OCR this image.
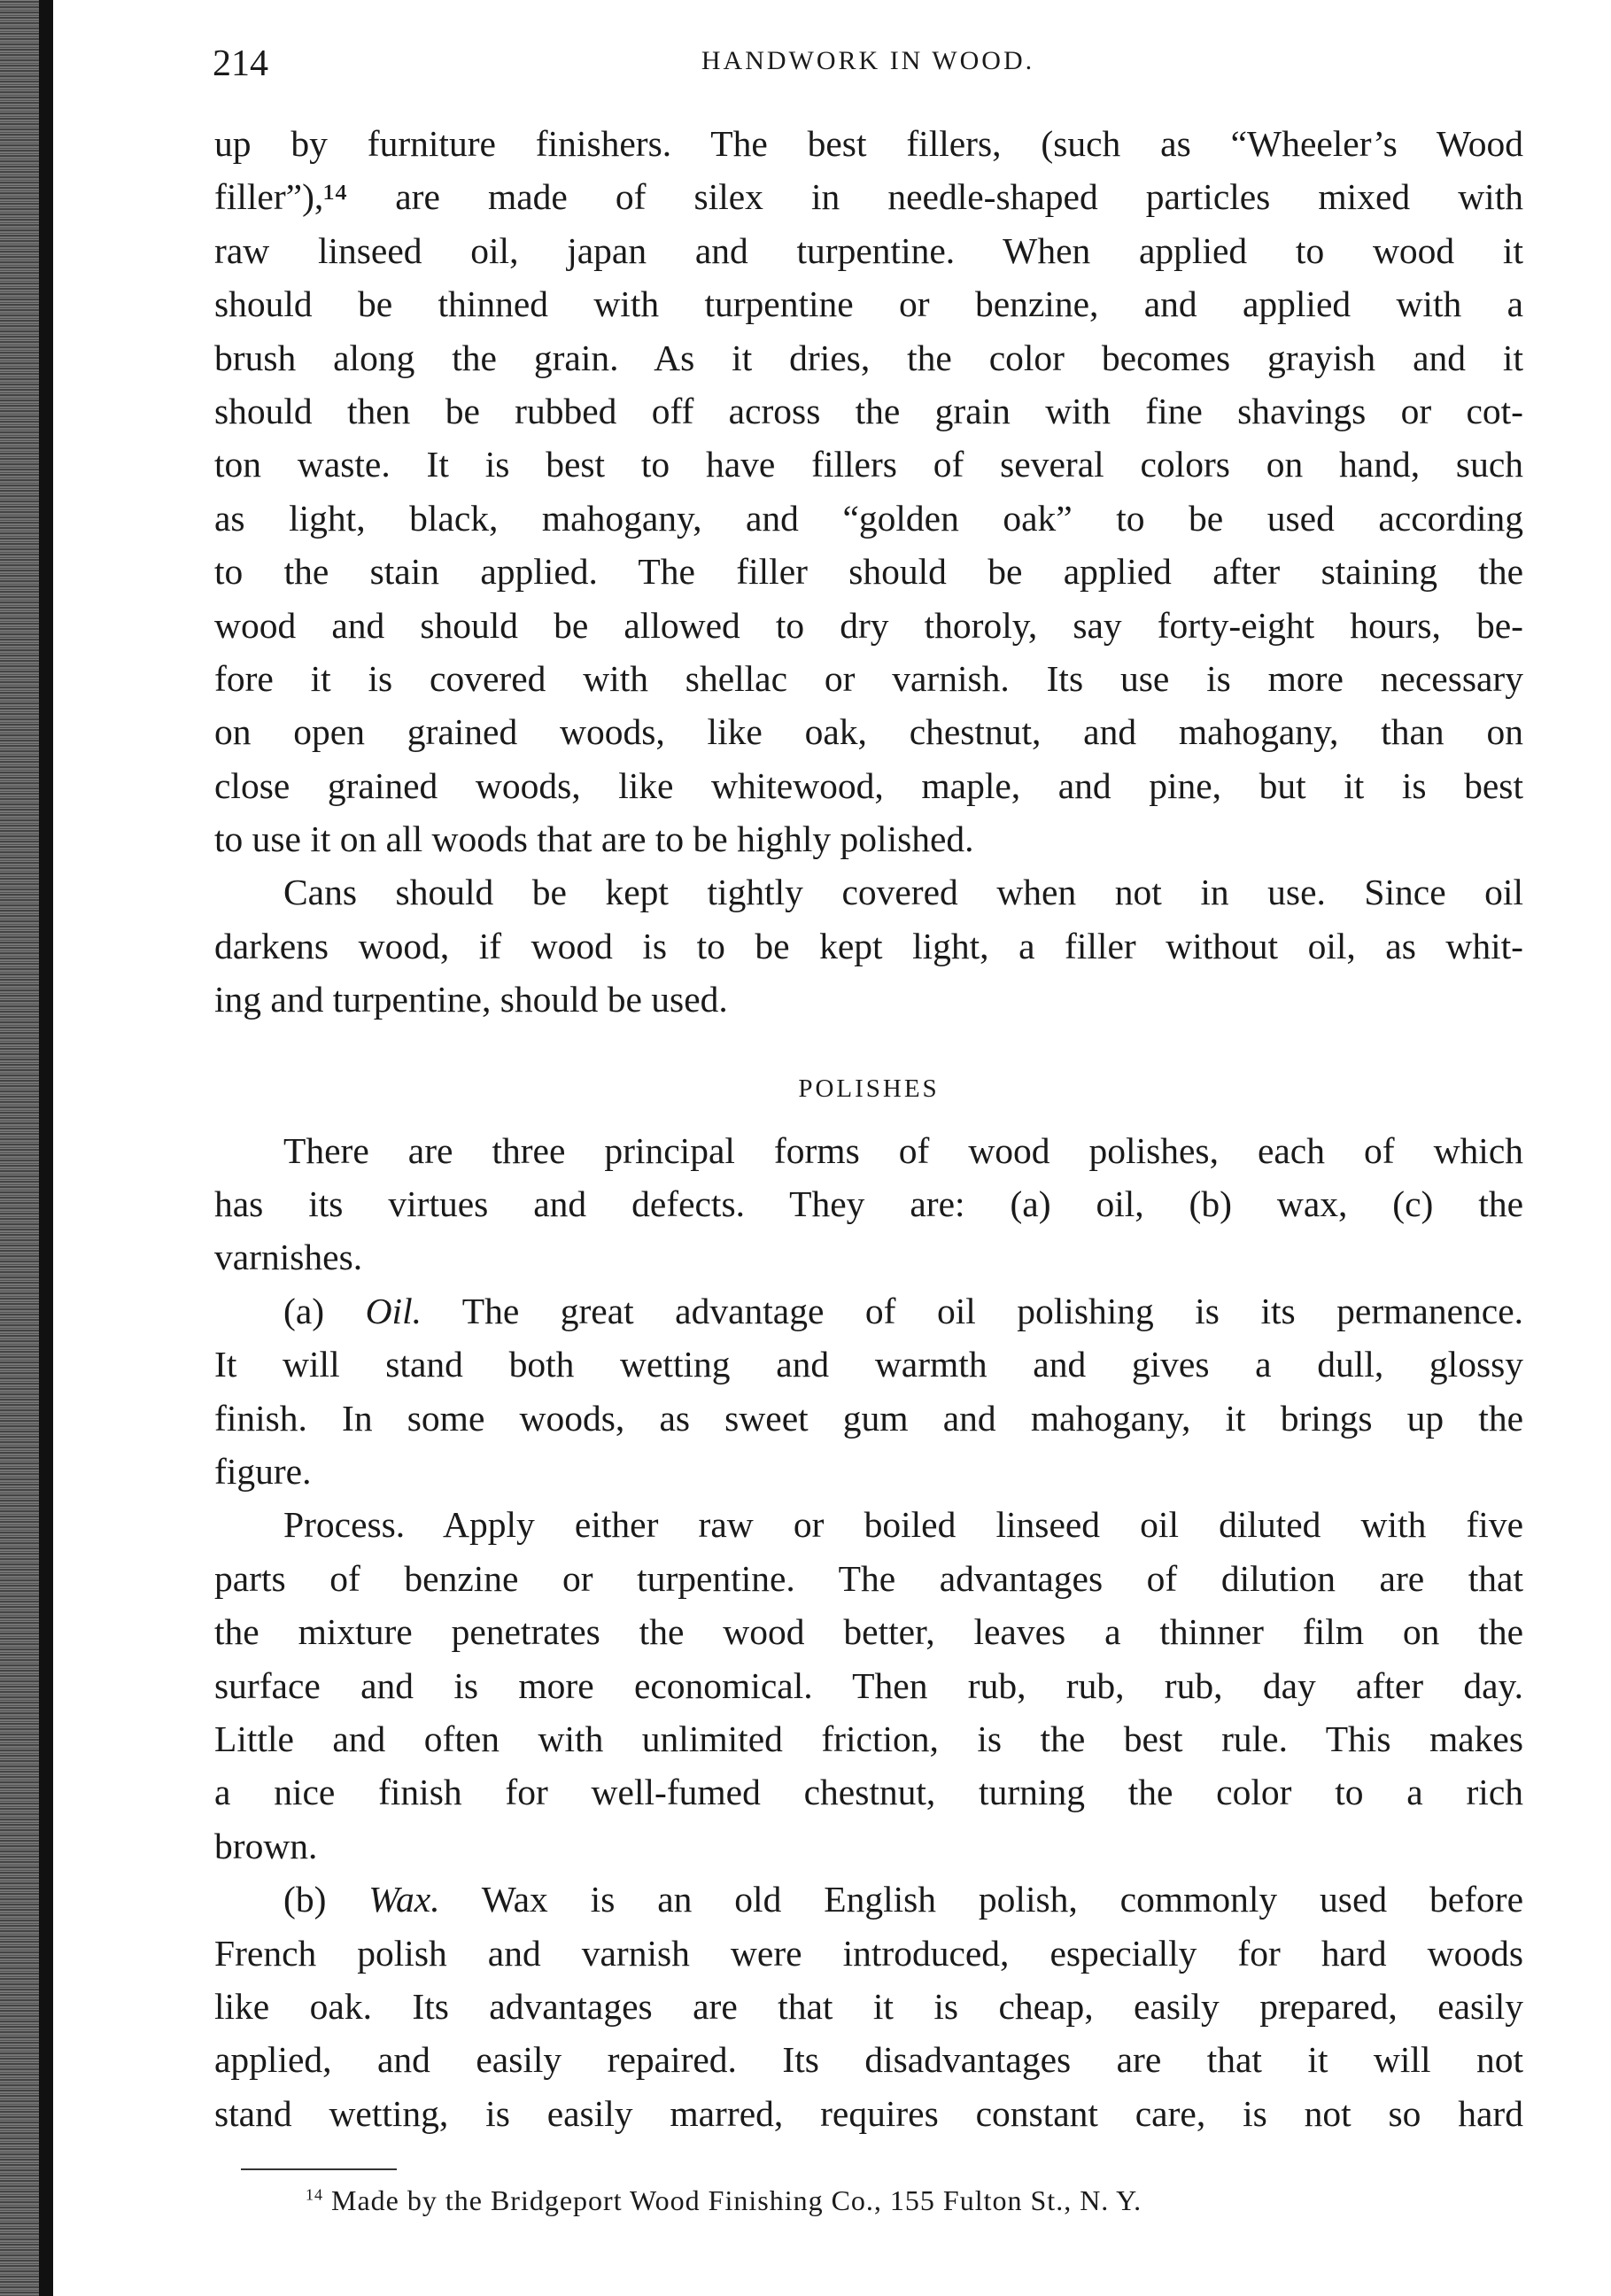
214	HANDWORK IN WOOD.
up by furniture finishers. The best fillers, (such as “Wheeler’s Wood
filler”),¹⁴ are made of silex in needle-shaped particles mixed with
raw linseed oil, japan and turpentine. When applied to wood it
should be thinned with turpentine or benzine, and applied with a
brush along the grain. As it dries, the color becomes grayish and it
should then be rubbed off across the grain with fine shavings or cot-
ton waste. It is best to have fillers of several colors on hand, such
as light, black, mahogany, and “golden oak” to be used according
to the stain applied. The filler should be applied after staining the
wood and should be allowed to dry thoroly, say forty-eight hours, be-
fore it is covered with shellac or varnish. Its use is more necessary
on open grained woods, like oak, chestnut, and mahogany, than on
close grained woods, like whitewood, maple, and pine, but it is best
to use it on all woods that are to be highly polished.
Cans should be kept tightly covered when not in use. Since oil
darkens wood, if wood is to be kept light, a filler without oil, as whit-
ing and turpentine, should be used.
POLISHES
There are three principal forms of wood polishes, each of which
has its virtues and defects. They are: (a) oil, (b) wax, (c) the
varnishes.
(a) Oil. The great advantage of oil polishing is its permanence.
It will stand both wetting and warmth and gives a dull, glossy
finish. In some woods, as sweet gum and mahogany, it brings up the
figure.
Process. Apply either raw or boiled linseed oil diluted with five
parts of benzine or turpentine. The advantages of dilution are that
the mixture penetrates the wood better, leaves a thinner film on the
surface and is more economical. Then rub, rub, rub, day after day.
Little and often with unlimited friction, is the best rule. This makes
a nice finish for well-fumed chestnut, turning the color to a rich
brown.
(b) Wax. Wax is an old English polish, commonly used before
French polish and varnish were introduced, especially for hard woods
like oak. Its advantages are that it is cheap, easily prepared, easily
applied, and easily repaired. Its disadvantages are that it will not
stand wetting, is easily marred, requires constant care, is not so hard
$^{14}$ Made by the Bridgeport Wood Finishing Co., 155 Fulton St., N. Y.
